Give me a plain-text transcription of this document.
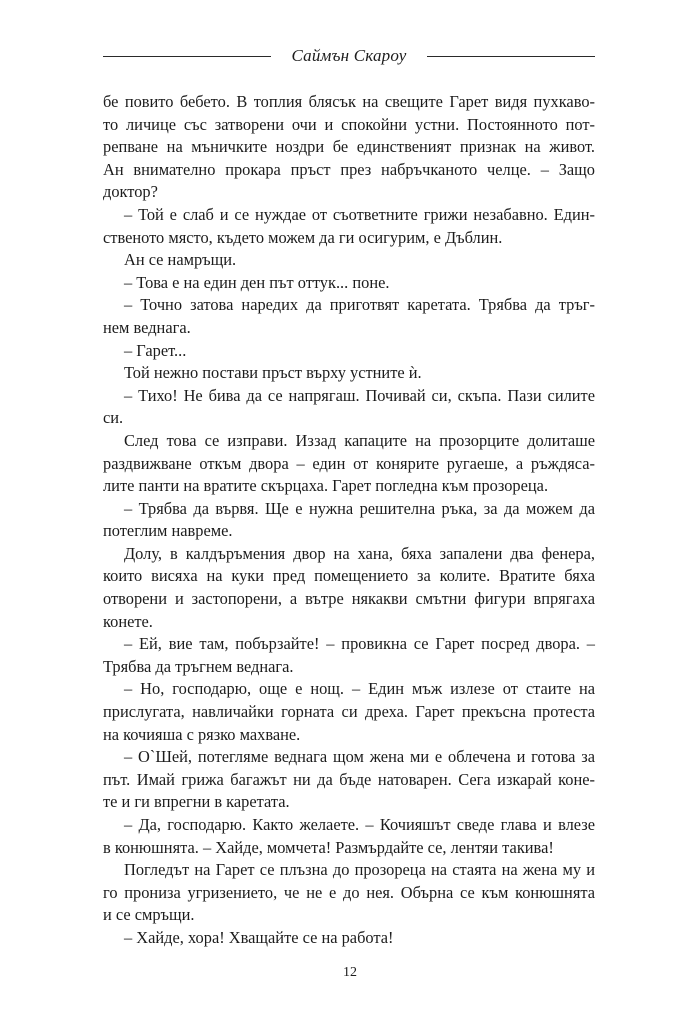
Саймън Скароу
бе повито бебето. В топлия блясък на свещите Гарет видя пухкаво-
то личице със затворени очи и спокойни устни. Постоянното пот-
репване на мъничките ноздри бе единственият признак на живот.
Ан внимателно прокара пръст през набръчканото челце. – Защо
доктор?
– Той е слаб и се нуждае от съответните грижи незабавно. Един-
ственото място, където можем да ги осигурим, е Дъблин.
Ан се намръщи.
– Това е на един ден път оттук... поне.
– Точно затова наредих да приготвят каретата. Трябва да тръг-
нем веднага.
– Гарет...
Той нежно постави пръст върху устните ѝ.
– Тихо! Не бива да се напрягаш. Почивай си, скъпа. Пази силите
си.
След това се изправи. Иззад капаците на прозорците долиташе
раздвижване откъм двора – един от конярите ругаеше, а ръждяса-
лите панти на вратите скърцаха. Гарет погледна към прозореца.
– Трябва да вървя. Ще е нужна решителна ръка, за да можем да
потеглим навреме.
Долу, в калдъръмения двор на хана, бяха запалени два фенера,
които висяха на куки пред помещението за колите. Вратите бяха
отворени и застопорени, а вътре някакви смътни фигури впрягаха
конете.
– Ей, вие там, побързайте! – провикна се Гарет посред двора. –
Трябва да тръгнем веднага.
– Но, господарю, още е нощ. – Един мъж излезе от стаите на
прислугата, навличайки горната си дреха. Гарет прекъсна протеста
на кочияша с рязко махване.
– О`Шей, потегляме веднага щом жена ми е облечена и готова за
път. Имай грижа багажът ни да бъде натоварен. Сега изкарай коне-
те и ги впрегни в каретата.
– Да, господарю. Както желаете. – Кочияшът сведе глава и влезе
в конюшнята. – Хайде, момчета! Размърдайте се, лентяи такива!
Погледът на Гарет се плъзна до прозореца на стаята на жена му и
го прониза угризението, че не е до нея. Обърна се към конюшнята
и се смръщи.
– Хайде, хора! Хващайте се на работа!
12
